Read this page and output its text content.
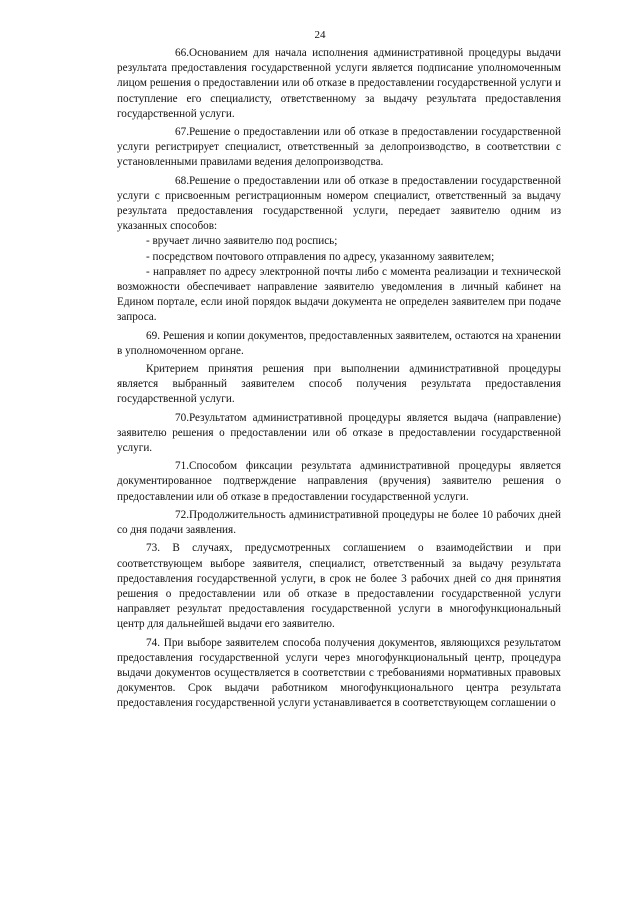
24

66.Основанием для начала исполнения административной процедуры выдачи результата предоставления государственной услуги является подписание уполномоченным лицом решения о предоставлении или об отказе в предоставлении государственной услуги и поступление его специалисту, ответственному за выдачу результата предоставления государственной услуги.

67.Решение о предоставлении или об отказе в предоставлении государственной услуги регистрирует специалист, ответственный за делопроизводство, в соответствии с установленными правилами ведения делопроизводства.

68.Решение о предоставлении или об отказе в предоставлении государственной услуги с присвоенным регистрационным номером специалист, ответственный за выдачу результата предоставления государственной услуги, передает заявителю одним из указанных способов:

- вручает лично заявителю под роспись;

- посредством почтового отправления по адресу, указанному заявителем;

- направляет по адресу электронной почты либо с момента реализации и технической возможности обеспечивает направление заявителю уведомления в личный кабинет на Едином портале, если иной порядок выдачи документа не определен заявителем при подаче запроса.

69. Решения и копии документов, предоставленных заявителем, остаются на хранении в уполномоченном органе.

Критерием принятия решения при выполнении административной процедуры является выбранный заявителем способ получения результата предоставления государственной услуги.

70.Результатом административной процедуры является выдача (направление) заявителю решения о предоставлении или об отказе в предоставлении государственной услуги.

71.Способом фиксации результата административной процедуры является документированное подтверждение направления (вручения) заявителю решения о предоставлении или об отказе в предоставлении государственной услуги.

72.Продолжительность административной процедуры не более 10 рабочих дней со дня подачи заявления.

73. В случаях, предусмотренных соглашением о взаимодействии и при соответствующем выборе заявителя, специалист, ответственный за выдачу результата предоставления государственной услуги, в срок не более 3 рабочих дней со дня принятия решения о предоставлении или об отказе в предоставлении государственной услуги направляет результат предоставления государственной услуги в многофункциональный центр для дальнейшей выдачи его заявителю.

74. При выборе заявителем способа получения документов, являющихся результатом предоставления государственной услуги через многофункциональный центр, процедура выдачи документов осуществляется в соответствии с требованиями нормативных правовых документов. Срок выдачи работником многофункционального центра результата предоставления государственной услуги устанавливается в соответствующем соглашении о
